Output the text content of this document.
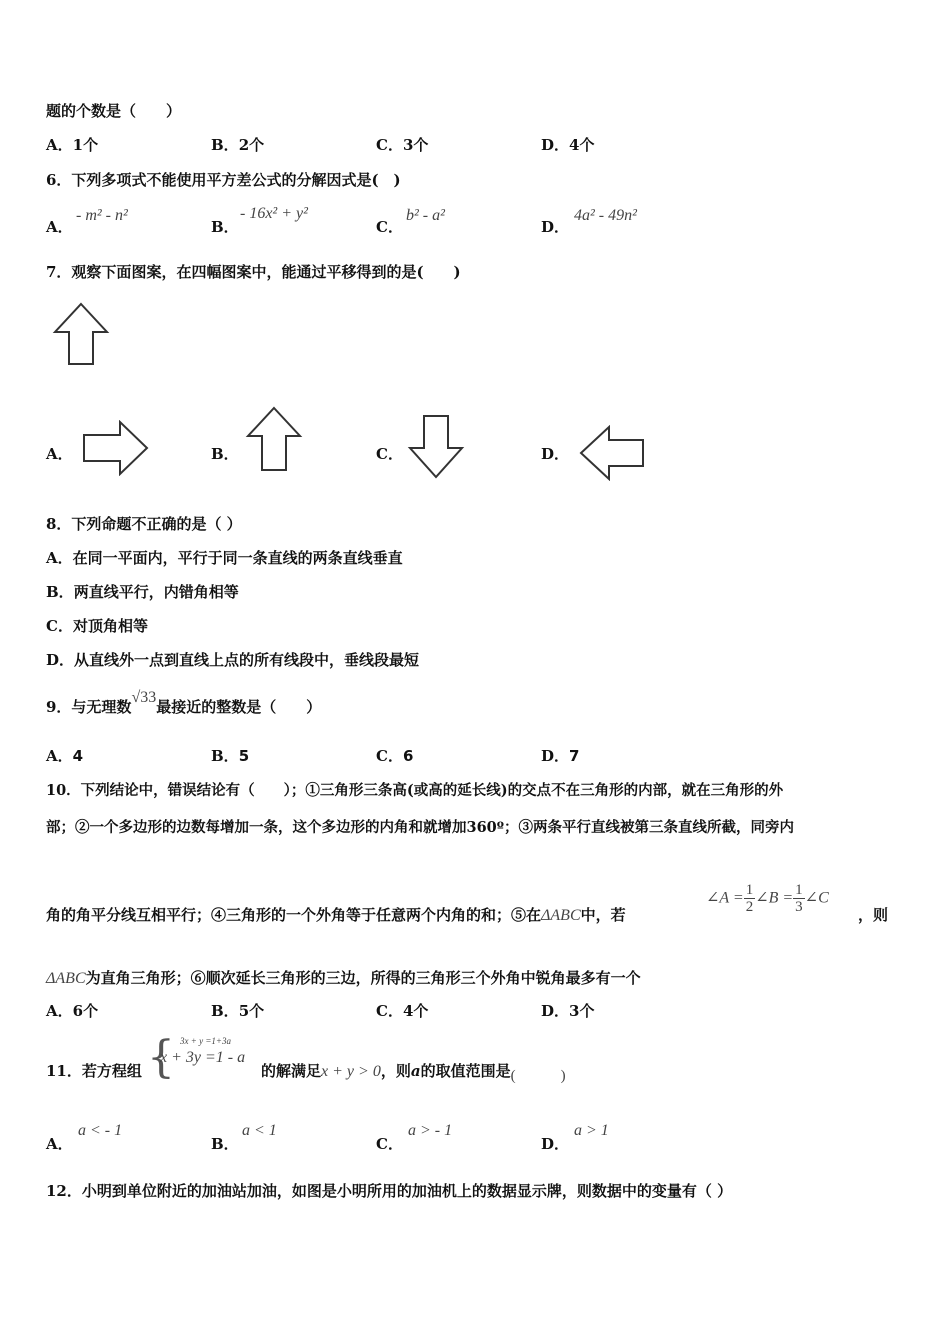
题的个数是（　　）
A．1个	B．2个	C．3个	D．4个
6．下列多项式不能使用平方差公式的分解因式是(　)
A．
- m² - n²
B．
- 16x² + y²
C．
b² - a²
D．
4a² - 49n²
7．观察下面图案，在四幅图案中，能通过平移得到的是(　　)
A．	B．	C．	D．
8．下列命题不正确的是（ ）
A．在同一平面内，平行于同一条直线的两条直线垂直
B．两直线平行，内错角相等
C．对顶角相等
D．从直线外一点到直线上点的所有线段中，垂线段最短
9．与无理数√33最接近的整数是（　　）
A．4	B．5	C．6	D．7
10．下列结论中，错误结论有（　　）；①三角形三条高(或高的延长线)的交点不在三角形的内部，就在三角形的外
部；②一个多边形的边数每增加一条，这个多边形的内角和就增加360º；③两条平行直线被第三条直线所截，同旁内
角的角平分线互相平行；④三角形的一个外角等于任意两个内角的和；⑤在ΔABC中，若
∠A = $\frac{1}{2}$ ∠B = $\frac{1}{3}$ ∠C
，则
ΔABC为直角三角形；⑥顺次延长三角形的三边，所得的三角形三个外角中锐角最多有一个
A．6个	B．5个	C．4个	D．3个
11．若方程组 { 3x + y =1+3a
x + 3y =1 - a
的解满足x + y > 0，则a的取值范围是(　　　)
A．
a < - 1
B．
a < 1
C．
a > - 1
D．
a > 1
12．小明到单位附近的加油站加油，如图是小明所用的加油机上的数据显示牌，则数据中的变量有（ ）
